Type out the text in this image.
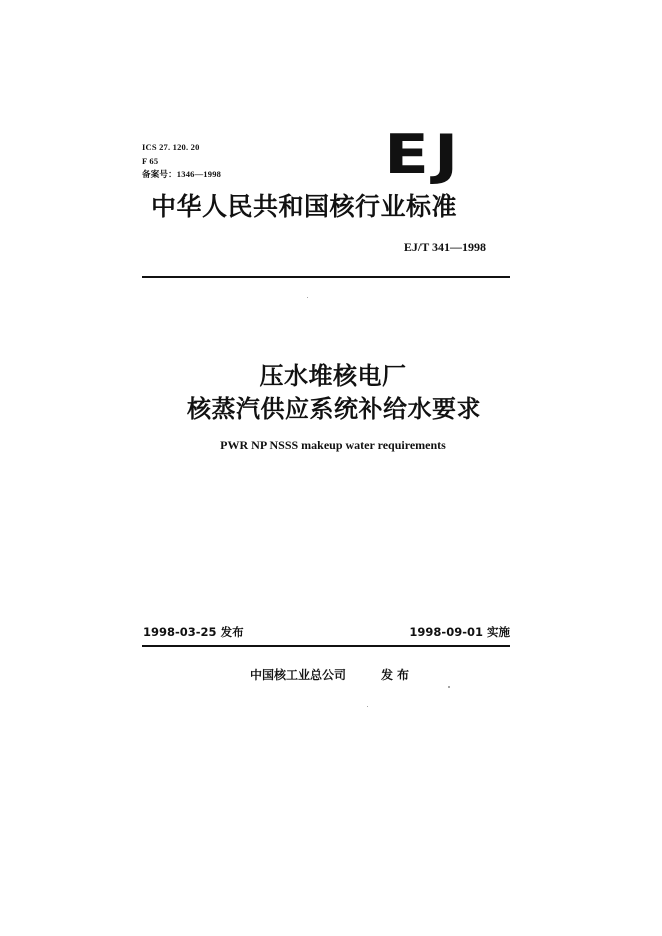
ICS 27. 120. 20
F 65
备案号：1346—1998	EJ
中华人民共和国核行业标准
EJ/T 341—1998
压水堆核电厂
核蒸汽供应系统补给水要求
PWR NP NSSS makeup water requirements
1998-03-25 发布	1998-09-01 实施
中国核工业总公司	发布
